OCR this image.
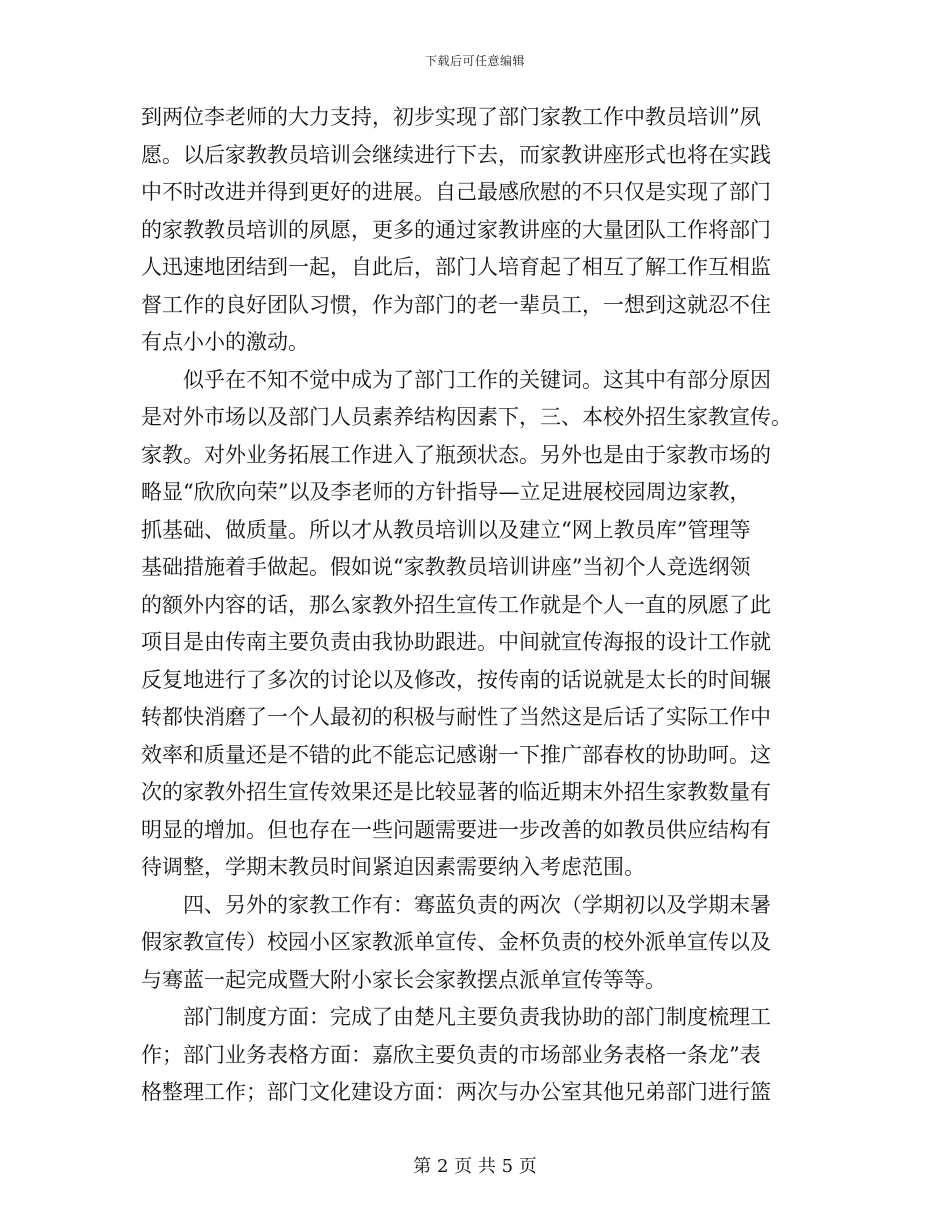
下载后可任意编辑
到两位李老师的大力支持，初步实现了部门家教工作中教员培训”夙
愿。以后家教教员培训会继续进行下去，而家教讲座形式也将在实践
中不时改进并得到更好的进展。自己最感欣慰的不只仅是实现了部门
的家教教员培训的夙愿，更多的通过家教讲座的大量团队工作将部门
人迅速地团结到一起，自此后，部门人培育起了相互了解工作互相监
督工作的良好团队习惯，作为部门的老一辈员工，一想到这就忍不住
有点小小的激动。
似乎在不知不觉中成为了部门工作的关键词。这其中有部分原因
是对外市场以及部门人员素养结构因素下，三、本校外招生家教宣传。
家教。对外业务拓展工作进入了瓶颈状态。另外也是由于家教市场的
略显“欣欣向荣”以及李老师的方针指导—立足进展校园周边家教，
抓基础、做质量。所以才从教员培训以及建立“网上教员库”管理等
基础措施着手做起。假如说“家教教员培训讲座”当初个人竞选纲领
的额外内容的话，那么家教外招生宣传工作就是个人一直的夙愿了此
项目是由传南主要负责由我协助跟进。中间就宣传海报的设计工作就
反复地进行了多次的讨论以及修改，按传南的话说就是太长的时间辗
转都快消磨了一个人最初的积极与耐性了当然这是后话了实际工作中
效率和质量还是不错的此不能忘记感谢一下推广部春枚的协助呵。这
次的家教外招生宣传效果还是比较显著的临近期末外招生家教数量有
明显的增加。但也存在一些问题需要进一步改善的如教员供应结构有
待调整，学期末教员时间紧迫因素需要纳入考虑范围。
四、另外的家教工作有：骞蓝负责的两次（学期初以及学期末暑
假家教宣传）校园小区家教派单宣传、金杯负责的校外派单宣传以及
与骞蓝一起完成暨大附小家长会家教摆点派单宣传等等。
部门制度方面：完成了由楚凡主要负责我协助的部门制度梳理工
作；部门业务表格方面：嘉欣主要负责的市场部业务表格一条龙”表
格整理工作；部门文化建设方面：两次与办公室其他兄弟部门进行篮
第 2 页 共 5 页
